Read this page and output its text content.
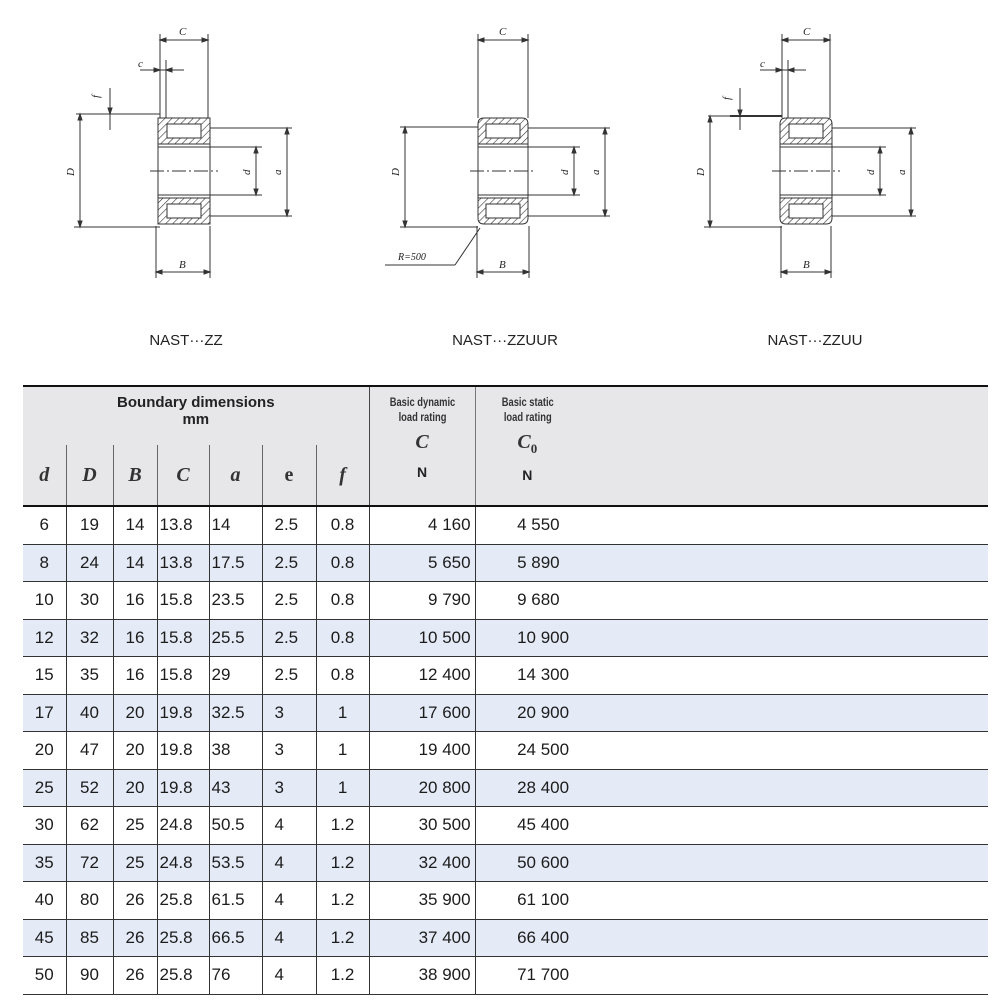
C
c
f
D	d a
B
C
D	d a
B
R=500
C
c
f
D	d a
B
NAST···ZZ	NAST···ZZUUR	NAST···ZZUU
Boundary dimensions
mm							Basic dynamic
load rating
C
N	Basic static
load rating
$C_0$
N	

d	D	B	C	a	e	f			
6	19	14	13.8	14	2.5	0.8	4 160	4 550	
8	24	14	13.8	17.5	2.5	0.8	5 650	5 890	
10	30	16	15.8	23.5	2.5	0.8	9 790	9 680	
12	32	16	15.8	25.5	2.5	0.8	10 500	10 900	
15	35	16	15.8	29	2.5	0.8	12 400	14 300	
17	40	20	19.8	32.5	3	1	17 600	20 900	
20	47	20	19.8	38	3	1	19 400	24 500	
25	52	20	19.8	43	3	1	20 800	28 400	
30	62	25	24.8	50.5	4	1.2	30 500	45 400	
35	72	25	24.8	53.5	4	1.2	32 400	50 600	
40	80	26	25.8	61.5	4	1.2	35 900	61 100	
45	85	26	25.8	66.5	4	1.2	37 400	66 400	
50	90	26	25.8	76	4	1.2	38 900	71 700	
